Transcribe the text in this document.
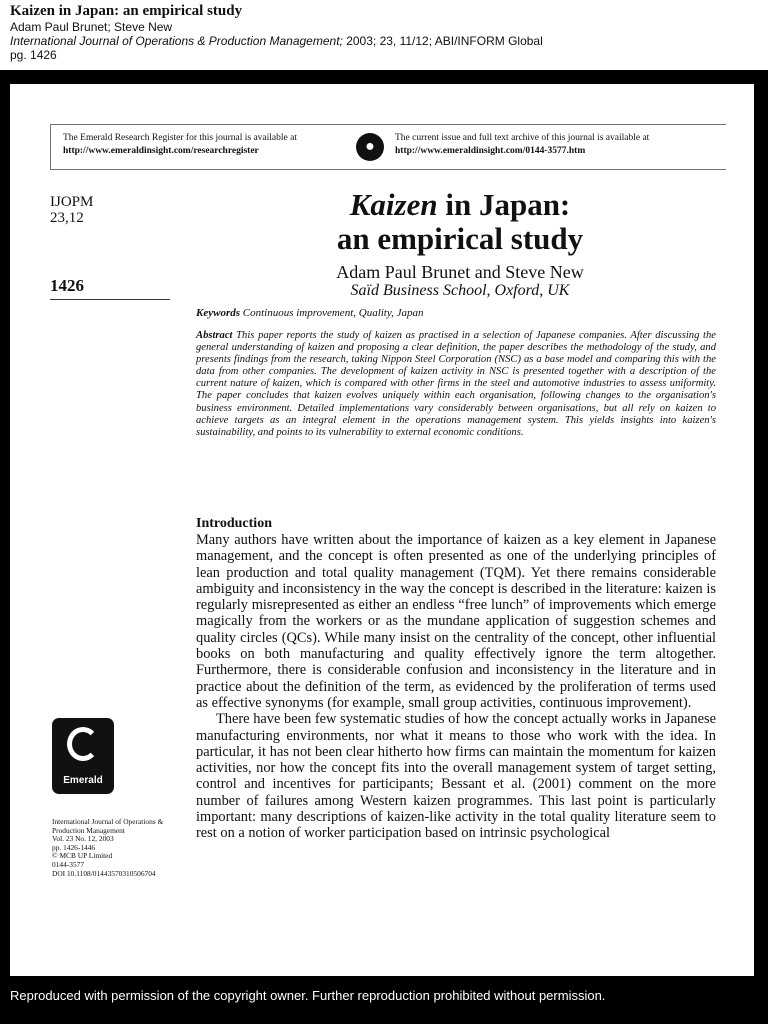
Kaizen in Japan: an empirical study
Adam Paul Brunet; Steve New
International Journal of Operations & Production Management; 2003; 23, 11/12; ABI/INFORM Global
pg. 1426
The Emerald Research Register for this journal is available at
http://www.emeraldinsight.com/researchregister	●	The current issue and full text archive of this journal is available at
http://www.emeraldinsight.com/0144-3577.htm
IJOPM
23,12
1426
Kaizen in Japan:
an empirical study
Adam Paul Brunet and Steve New
Saïd Business School, Oxford, UK
Keywords Continuous improvement, Quality, Japan
Abstract This paper reports the study of kaizen as practised in a selection of Japanese companies. After discussing the general understanding of kaizen and proposing a clear definition, the paper describes the methodology of the study, and presents findings from the research, taking Nippon Steel Corporation (NSC) as a base model and comparing this with the data from other companies. The development of kaizen activity in NSC is presented together with a description of the current nature of kaizen, which is compared with other firms in the steel and automotive industries to assess uniformity. The paper concludes that kaizen evolves uniquely within each organisation, following changes to the organisation's business environment. Detailed implementations vary considerably between organisations, but all rely on kaizen to achieve targets as an integral element in the operations management system. This yields insights into kaizen's sustainability, and points to its vulnerability to external economic conditions.
Introduction

Many authors have written about the importance of kaizen as a key element in Japanese management, and the concept is often presented as one of the underlying principles of lean production and total quality management (TQM). Yet there remains considerable ambiguity and inconsistency in the way the concept is described in the literature: kaizen is regularly misrepresented as either an endless “free lunch” of improvements which emerge magically from the workers or as the mundane application of suggestion schemes and quality circles (QCs). While many insist on the centrality of the concept, other influential books on both manufacturing and quality effectively ignore the term altogether. Furthermore, there is considerable confusion and inconsistency in the literature and in practice about the definition of the term, as evidenced by the proliferation of terms used as effective synonyms (for example, small group activities, continuous improvement).

There have been few systematic studies of how the concept actually works in Japanese manufacturing environments, nor what it means to those who work with the idea. In particular, it has not been clear hitherto how firms can maintain the momentum for kaizen activities, nor how the concept fits into the overall management system of target setting, control and incentives for participants; Bessant et al. (2001) comment on the more number of failures among Western kaizen programmes. This last point is particularly important: many descriptions of kaizen-like activity in the total quality literature seem to rest on a notion of worker participation based on intrinsic psychological

Emerald
International Journal of Operations &
Production Management
Vol. 23 No. 12, 2003
pp. 1426-1446
© MCB UP Limited
0144-3577
DOI 10.1108/01443570310506704
Reproduced with permission of the copyright owner. Further reproduction prohibited without permission.
